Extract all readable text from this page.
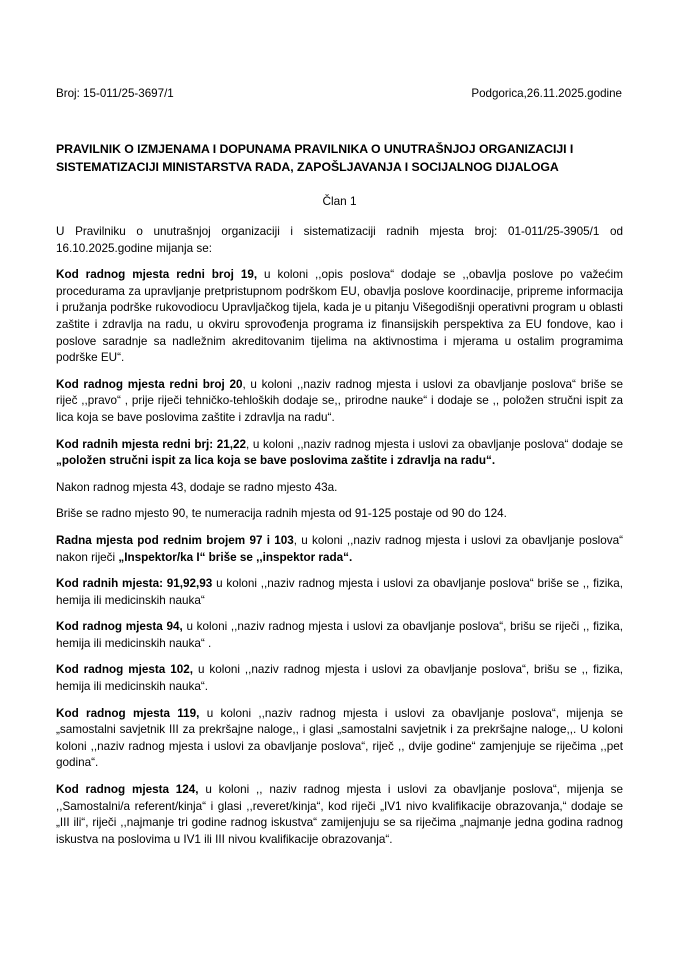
Broj: 15-011/25-3697/1	Podgorica,26.11.2025.godine
PRAVILNIK O IZMJENAMA I DOPUNAMA PRAVILNIKA O UNUTRAŠNJOJ ORGANIZACIJI I SISTEMATIZACIJI MINISTARSTVA RADA, ZAPOŠLJAVANJA I SOCIJALNOG DIJALOGA
Član 1

U Pravilniku o unutrašnjoj organizaciji i sistematizaciji radnih mjesta broj: 01-011/25-3905/1 od 16.10.2025.godine mijanja se:

Kod radnog mjesta redni broj 19, u koloni ,,opis poslova“ dodaje se ,,obavlja poslove po važećim procedurama za upravljanje pretpristupnom podrškom EU, obavlja poslove koordinacije, pripreme informacija i pružanja podrške rukovodiocu Upravljačkog tijela, kada je u pitanju Višegodišnji operativni program u oblasti zaštite i zdravlja na radu, u okviru sprovođenja programa iz finansijskih perspektiva za EU fondove, kao i poslove saradnje sa nadležnim akreditovanim tijelima na aktivnostima i mjerama u ostalim programima podrške EU“.

Kod radnog mjesta redni broj 20, u koloni ,,naziv radnog mjesta i uslovi za obavljanje poslova“ briše se riječ ,,pravo“ , prije riječi tehničko-tehloških dodaje se,, prirodne nauke“ i dodaje se ,, položen stručni ispit za lica koja se bave poslovima zaštite i zdravlja na radu“.

Kod radnih mjesta redni brj: 21,22, u koloni ,,naziv radnog mjesta i uslovi za obavljanje poslova“ dodaje se „položen stručni ispit za lica koja se bave poslovima zaštite i zdravlja na radu“.

Nakon radnog mjesta 43, dodaje se radno mjesto 43a.

Briše se radno mjesto 90, te numeracija radnih mjesta od 91-125 postaje od 90 do 124.

Radna mjesta pod rednim brojem 97 i 103, u koloni ,,naziv radnog mjesta i uslovi za obavljanje poslova“ nakon riječi „Inspektor/ka I“ briše se ,,inspektor rada“.

Kod radnih mjesta: 91,92,93 u koloni ,,naziv radnog mjesta i uslovi za obavljanje poslova“ briše se ,, fizika, hemija ili medicinskih nauka“

Kod radnog mjesta 94, u koloni ,,naziv radnog mjesta i uslovi za obavljanje poslova“, brišu se riječi ,, fizika, hemija ili medicinskih nauka“ .

Kod radnog mjesta 102, u koloni ,,naziv radnog mjesta i uslovi za obavljanje poslova“, brišu se ,, fizika, hemija ili medicinskih nauka“.

Kod radnog mjesta 119, u koloni ,,naziv radnog mjesta i uslovi za obavljanje poslova“, mijenja se „samostalni savjetnik III za prekršajne naloge,, i glasi „samostalni savjetnik i za prekršajne naloge,,. U koloni koloni ,,naziv radnog mjesta i uslovi za obavljanje poslova“, riječ ,, dvije godine“ zamjenjuje se riječima ,,pet godina“.

Kod radnog mjesta 124, u koloni ,, naziv radnog mjesta i uslovi za obavljanje poslova“, mijenja se ,,Samostalni/a referent/kinja“ i glasi ,,reveret/kinja“, kod riječi „IV1 nivo kvalifikacije obrazovanja,“ dodaje se „III ili“, riječi ,,najmanje tri godine radnog iskustva“ zamijenjuju se sa riječima „najmanje jedna godina radnog iskustva na poslovima u IV1 ili III nivou kvalifikacije obrazovanja“.
